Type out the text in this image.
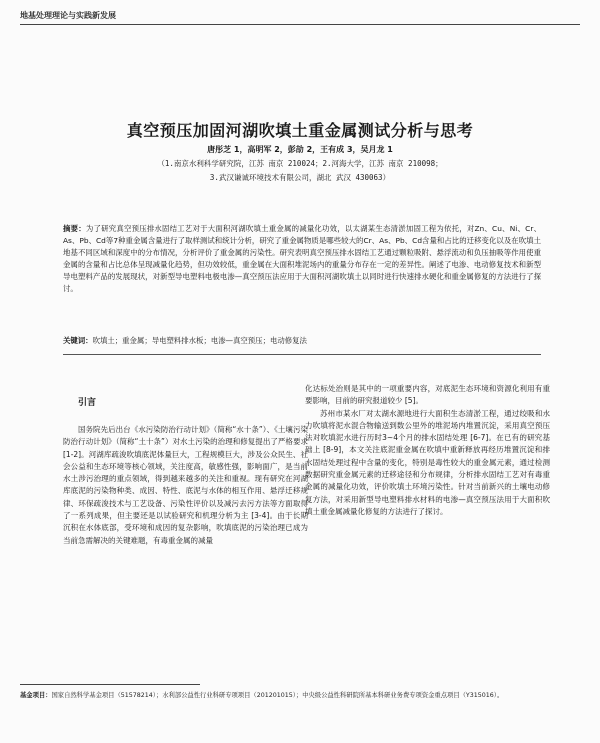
地基处理理论与实践新发展
真空预压加固河湖吹填土重金属测试分析与思考
唐彤芝 1，高明军 2，彭劼 2，王有成 3，吴月龙 1
（1.南京水利科学研究院，江苏 南京 210024；2.河海大学，江苏 南京 210098；
3.武汉谦诚环境技术有限公司，湖北 武汉 430063）
摘要：为了研究真空预压排水固结工艺对于大面积河湖吹填土重金属的减量化功效，以太湖某生态清淤加固工程为依托，对Zn、Cu、Ni、Cr、As、Pb、Cd等7种重金属含量进行了取样测试和统计分析，研究了重金属物质是哪些较大的Cr、As、Pb、Cd含量和占比的迁移变化以及在吹填土地基不同区域和深度中的分布情况，分析评价了重金属的污染性。研究表明真空预压排水固结工艺通过颗粒吸附、悬浮流动和负压抽吸等作用使重金属的含量和占比总体呈现减量化趋势，但功效较低，重金属在大面积堆泥场内的重量分布存在一定的差异性。阐述了电渗、电动修复技术和新型导电塑料产品的发展现状，对新型导电塑料电极电渗—真空预压法应用于大面积河湖吹填土以同时进行快速排水硬化和重金属修复的方法进行了探讨。
关键词：吹填土；重金属；导电塑料排水板；电渗—真空预压；电动修复法
引言

国务院先后出台《水污染防治行动计划》（简称“水十条”）、《土壤污染防治行动计划》（简称“土十条”）对水土污染的治理和修复提出了严格要求 [1-2]。河湖库疏浚吹填底泥体量巨大，工程规模巨大，涉及公众民生、社会公益和生态环境等核心领域，关注度高，敏感性强，影响面广，是当前水土涉污治理的重点领域，得到越来越多的关注和重视。现有研究在河湖库底泥的污染物种类、成因、特性、底泥与水体的相互作用、悬浮迁移规律、环保疏浚技术与工艺设备、污染性评价以及减污去污方法等方面取得了一系列成果，但主要还是以试验研究和机理分析为主 [3-4]。由于长期沉积在水体底部，受环境和成因的复杂影响，吹填底泥的污染治理已成为当前急需解决的关键难题，有毒重金属的减量

化达标处治则是其中的一项重要内容，对底泥生态环境和资源化利用有重要影响，目前的研究报道较少 [5]。

苏州市某水厂对太湖水源地进行大面积生态清淤工程，通过绞吸和水力吹填将泥水混合物输送到数公里外的堆泥场内堆置沉淀，采用真空预压法对吹填泥水进行历时3~4个月的排水固结处理 [6-7]。在已有的研究基础上 [8-9]，本文关注底泥重金属在吹填中重新释放再经历堆置沉淀和排水固结处理过程中含量的变化，特别是毒性较大的重金属元素，通过检测数据研究重金属元素的迁移途径和分布规律，分析排水固结工艺对有毒重金属的减量化功效，评价吹填土环境污染性。针对当前新兴的土壤电动修复方法，对采用新型导电塑料排水材料的电渗—真空预压法用于大面积吹填土重金属减量化修复的方法进行了探讨。

基金项目：国家自然科学基金项目（51578214）；水利部公益性行业科研专项项目（201201015）；中央级公益性科研院所基本科研业务费专项资金重点项目（Y315016）。
